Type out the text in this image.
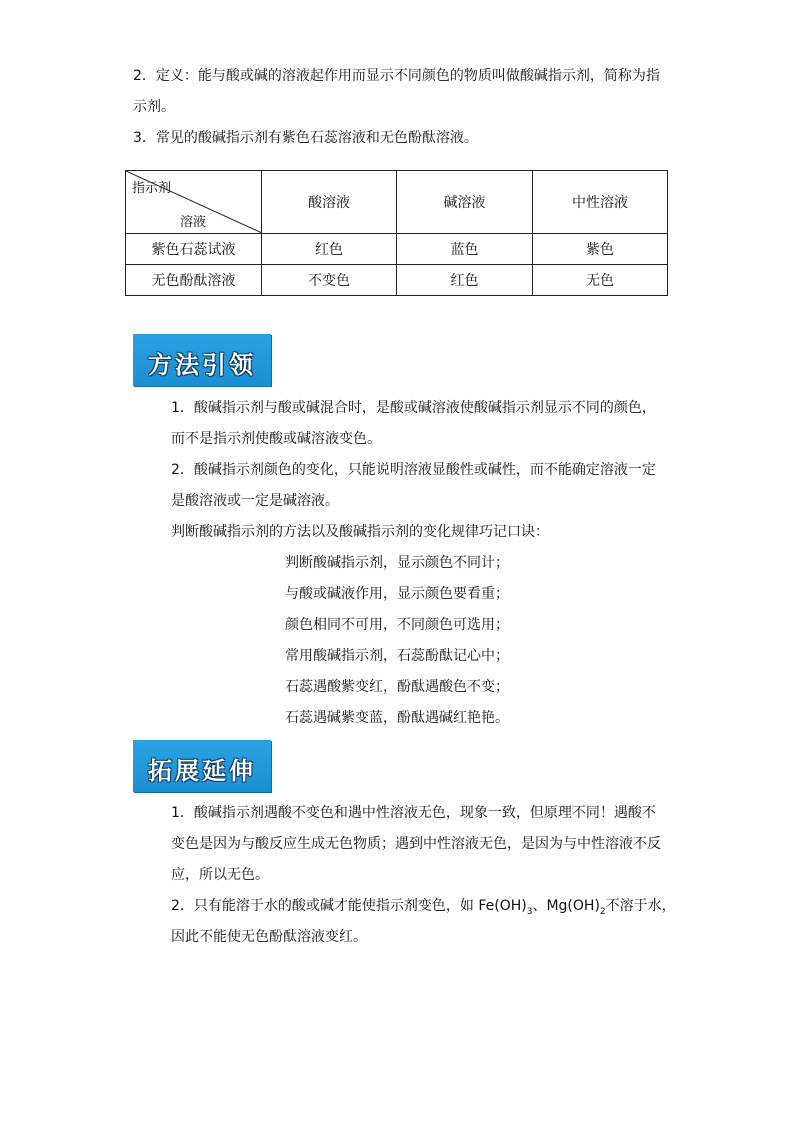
2．定义：能与酸或碱的溶液起作用而显示不同颜色的物质叫做酸碱指示剂，简称为指
示剂。
3．常见的酸碱指示剂有紫色石蕊溶液和无色酚酞溶液。
指示剂
溶液	酸溶液	碱溶液	中性溶液
紫色石蕊试液	红色	蓝色	紫色
无色酚酞溶液	不变色	红色	无色
方法引领
1．酸碱指示剂与酸或碱混合时，是酸或碱溶液使酸碱指示剂显示不同的颜色，
而不是指示剂使酸或碱溶液变色。
2．酸碱指示剂颜色的变化，只能说明溶液显酸性或碱性，而不能确定溶液一定
是酸溶液或一定是碱溶液。
判断酸碱指示剂的方法以及酸碱指示剂的变化规律巧记口诀：
判断酸碱指示剂，显示颜色不同计；
与酸或碱液作用，显示颜色要看重；
颜色相同不可用，不同颜色可选用；
常用酸碱指示剂，石蕊酚酞记心中；
石蕊遇酸紫变红，酚酞遇酸色不变；
石蕊遇碱紫变蓝，酚酞遇碱红艳艳。
拓展延伸
1．酸碱指示剂遇酸不变色和遇中性溶液无色，现象一致，但原理不同！遇酸不
变色是因为与酸反应生成无色物质；遇到中性溶液无色，是因为与中性溶液不反
应，所以无色。
2．只有能溶于水的酸或碱才能使指示剂变色，如 $Fe(OH)_3$、$Mg(OH)_2$不溶于水，
因此不能使无色酚酞溶液变红。
